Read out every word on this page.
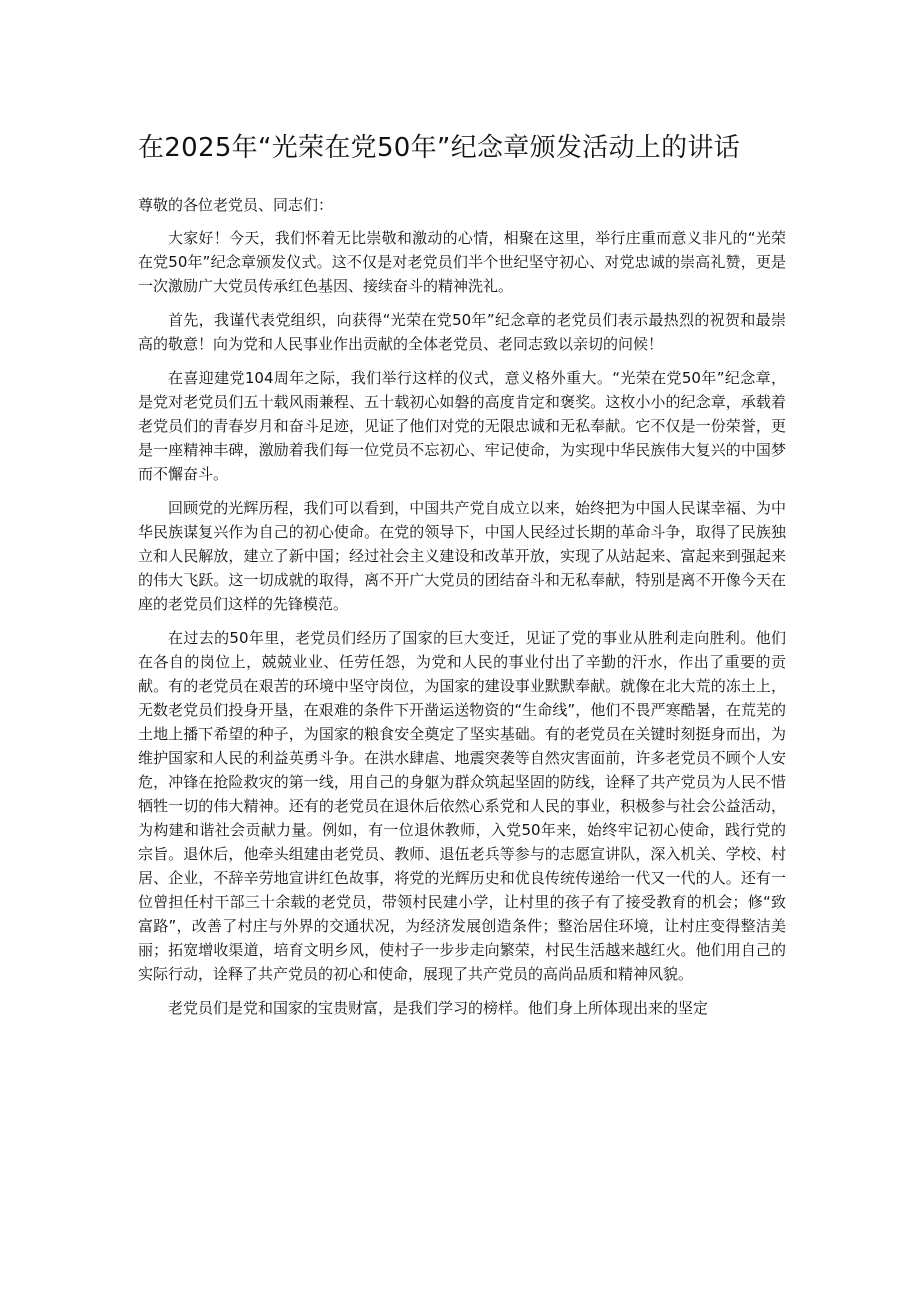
在2025年“光荣在党50年”纪念章颁发活动上的讲话

尊敬的各位老党员、同志们：

大家好！今天，我们怀着无比崇敬和激动的心情，相聚在这里，举行庄重而意义非凡的“光荣在党50年”纪念章颁发仪式。这不仅是对老党员们半个世纪坚守初心、对党忠诚的崇高礼赞，更是一次激励广大党员传承红色基因、接续奋斗的精神洗礼。

首先，我谨代表党组织，向获得“光荣在党50年”纪念章的老党员们表示最热烈的祝贺和最崇高的敬意！向为党和人民事业作出贡献的全体老党员、老同志致以亲切的问候！

在喜迎建党104周年之际，我们举行这样的仪式，意义格外重大。“光荣在党50年”纪念章，是党对老党员们五十载风雨兼程、五十载初心如磐的高度肯定和褒奖。这枚小小的纪念章，承载着老党员们的青春岁月和奋斗足迹，见证了他们对党的无限忠诚和无私奉献。它不仅是一份荣誉，更是一座精神丰碑，激励着我们每一位党员不忘初心、牢记使命，为实现中华民族伟大复兴的中国梦而不懈奋斗。

回顾党的光辉历程，我们可以看到，中国共产党自成立以来，始终把为中国人民谋幸福、为中华民族谋复兴作为自己的初心使命。在党的领导下，中国人民经过长期的革命斗争，取得了民族独立和人民解放，建立了新中国；经过社会主义建设和改革开放，实现了从站起来、富起来到强起来的伟大飞跃。这一切成就的取得，离不开广大党员的团结奋斗和无私奉献，特别是离不开像今天在座的老党员们这样的先锋模范。

在过去的50年里，老党员们经历了国家的巨大变迁，见证了党的事业从胜利走向胜利。他们在各自的岗位上，兢兢业业、任劳任怨，为党和人民的事业付出了辛勤的汗水，作出了重要的贡献。有的老党员在艰苦的环境中坚守岗位，为国家的建设事业默默奉献。就像在北大荒的冻土上，无数老党员们投身开垦，在艰难的条件下开凿运送物资的“生命线”，他们不畏严寒酷暑，在荒芜的土地上播下希望的种子，为国家的粮食安全奠定了坚实基础。有的老党员在关键时刻挺身而出，为维护国家和人民的利益英勇斗争。在洪水肆虐、地震突袭等自然灾害面前，许多老党员不顾个人安危，冲锋在抢险救灾的第一线，用自己的身躯为群众筑起坚固的防线，诠释了共产党员为人民不惜牺牲一切的伟大精神。还有的老党员在退休后依然心系党和人民的事业，积极参与社会公益活动，为构建和谐社会贡献力量。例如，有一位退休教师，入党50年来，始终牢记初心使命，践行党的宗旨。退休后，他牵头组建由老党员、教师、退伍老兵等参与的志愿宣讲队，深入机关、学校、村居、企业，不辞辛劳地宣讲红色故事，将党的光辉历史和优良传统传递给一代又一代的人。还有一位曾担任村干部三十余载的老党员，带领村民建小学，让村里的孩子有了接受教育的机会；修“致富路”，改善了村庄与外界的交通状况，为经济发展创造条件；整治居住环境，让村庄变得整洁美丽；拓宽增收渠道，培育文明乡风，使村子一步步走向繁荣，村民生活越来越红火。他们用自己的实际行动，诠释了共产党员的初心和使命，展现了共产党员的高尚品质和精神风貌。

老党员们是党和国家的宝贵财富，是我们学习的榜样。他们身上所体现出来的坚定
